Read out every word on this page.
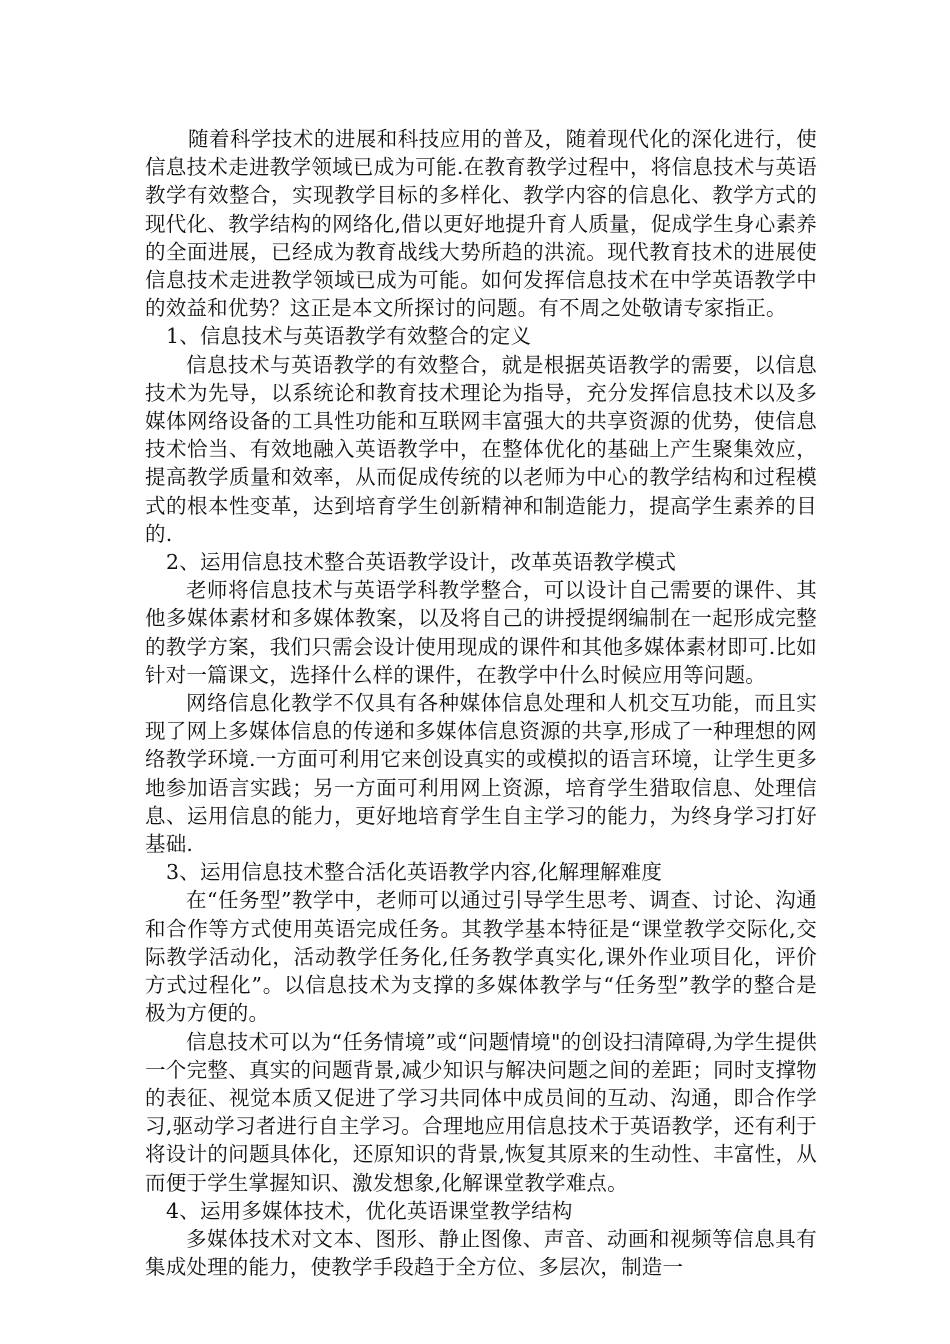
随着科学技术的进展和科技应用的普及，随着现代化的深化进行，使信息技术走进教学领域已成为可能.在教育教学过程中，将信息技术与英语教学有效整合，实现教学目标的多样化、教学内容的信息化、教学方式的现代化、教学结构的网络化,借以更好地提升育人质量，促成学生身心素养的全面进展，已经成为教育战线大势所趋的洪流。现代教育技术的进展使信息技术走进教学领域已成为可能。如何发挥信息技术在中学英语教学中的效益和优势？这正是本文所探讨的问题。有不周之处敬请专家指正。

1、信息技术与英语教学有效整合的定义

信息技术与英语教学的有效整合，就是根据英语教学的需要，以信息技术为先导，以系统论和教育技术理论为指导，充分发挥信息技术以及多媒体网络设备的工具性功能和互联网丰富强大的共享资源的优势，使信息技术恰当、有效地融入英语教学中，在整体优化的基础上产生聚集效应，提高教学质量和效率，从而促成传统的以老师为中心的教学结构和过程模式的根本性变革，达到培育学生创新精神和制造能力，提高学生素养的目的.

2、运用信息技术整合英语教学设计，改革英语教学模式

老师将信息技术与英语学科教学整合，可以设计自己需要的课件、其他多媒体素材和多媒体教案，以及将自己的讲授提纲编制在一起形成完整的教学方案，我们只需会设计使用现成的课件和其他多媒体素材即可.比如针对一篇课文，选择什么样的课件，在教学中什么时候应用等问题。

网络信息化教学不仅具有各种媒体信息处理和人机交互功能，而且实现了网上多媒体信息的传递和多媒体信息资源的共享,形成了一种理想的网络教学环境.一方面可利用它来创设真实的或模拟的语言环境，让学生更多地参加语言实践；另一方面可利用网上资源，培育学生猎取信息、处理信息、运用信息的能力，更好地培育学生自主学习的能力，为终身学习打好基础.

3、运用信息技术整合活化英语教学内容,化解理解难度

在“任务型”教学中，老师可以通过引导学生思考、调查、讨论、沟通和合作等方式使用英语完成任务。其教学基本特征是“课堂教学交际化,交际教学活动化，活动教学任务化,任务教学真实化,课外作业项目化，评价方式过程化”。以信息技术为支撑的多媒体教学与“任务型”教学的整合是极为方便的。

信息技术可以为“任务情境”或“问题情境"的创设扫清障碍,为学生提供一个完整、真实的问题背景,减少知识与解决问题之间的差距；同时支撑物的表征、视觉本质又促进了学习共同体中成员间的互动、沟通，即合作学习,驱动学习者进行自主学习。合理地应用信息技术于英语教学，还有利于将设计的问题具体化，还原知识的背景,恢复其原来的生动性、丰富性，从而便于学生掌握知识、激发想象,化解课堂教学难点。

4、运用多媒体技术，优化英语课堂教学结构

多媒体技术对文本、图形、静止图像、声音、动画和视频等信息具有集成处理的能力，使教学手段趋于全方位、多层次，制造一
